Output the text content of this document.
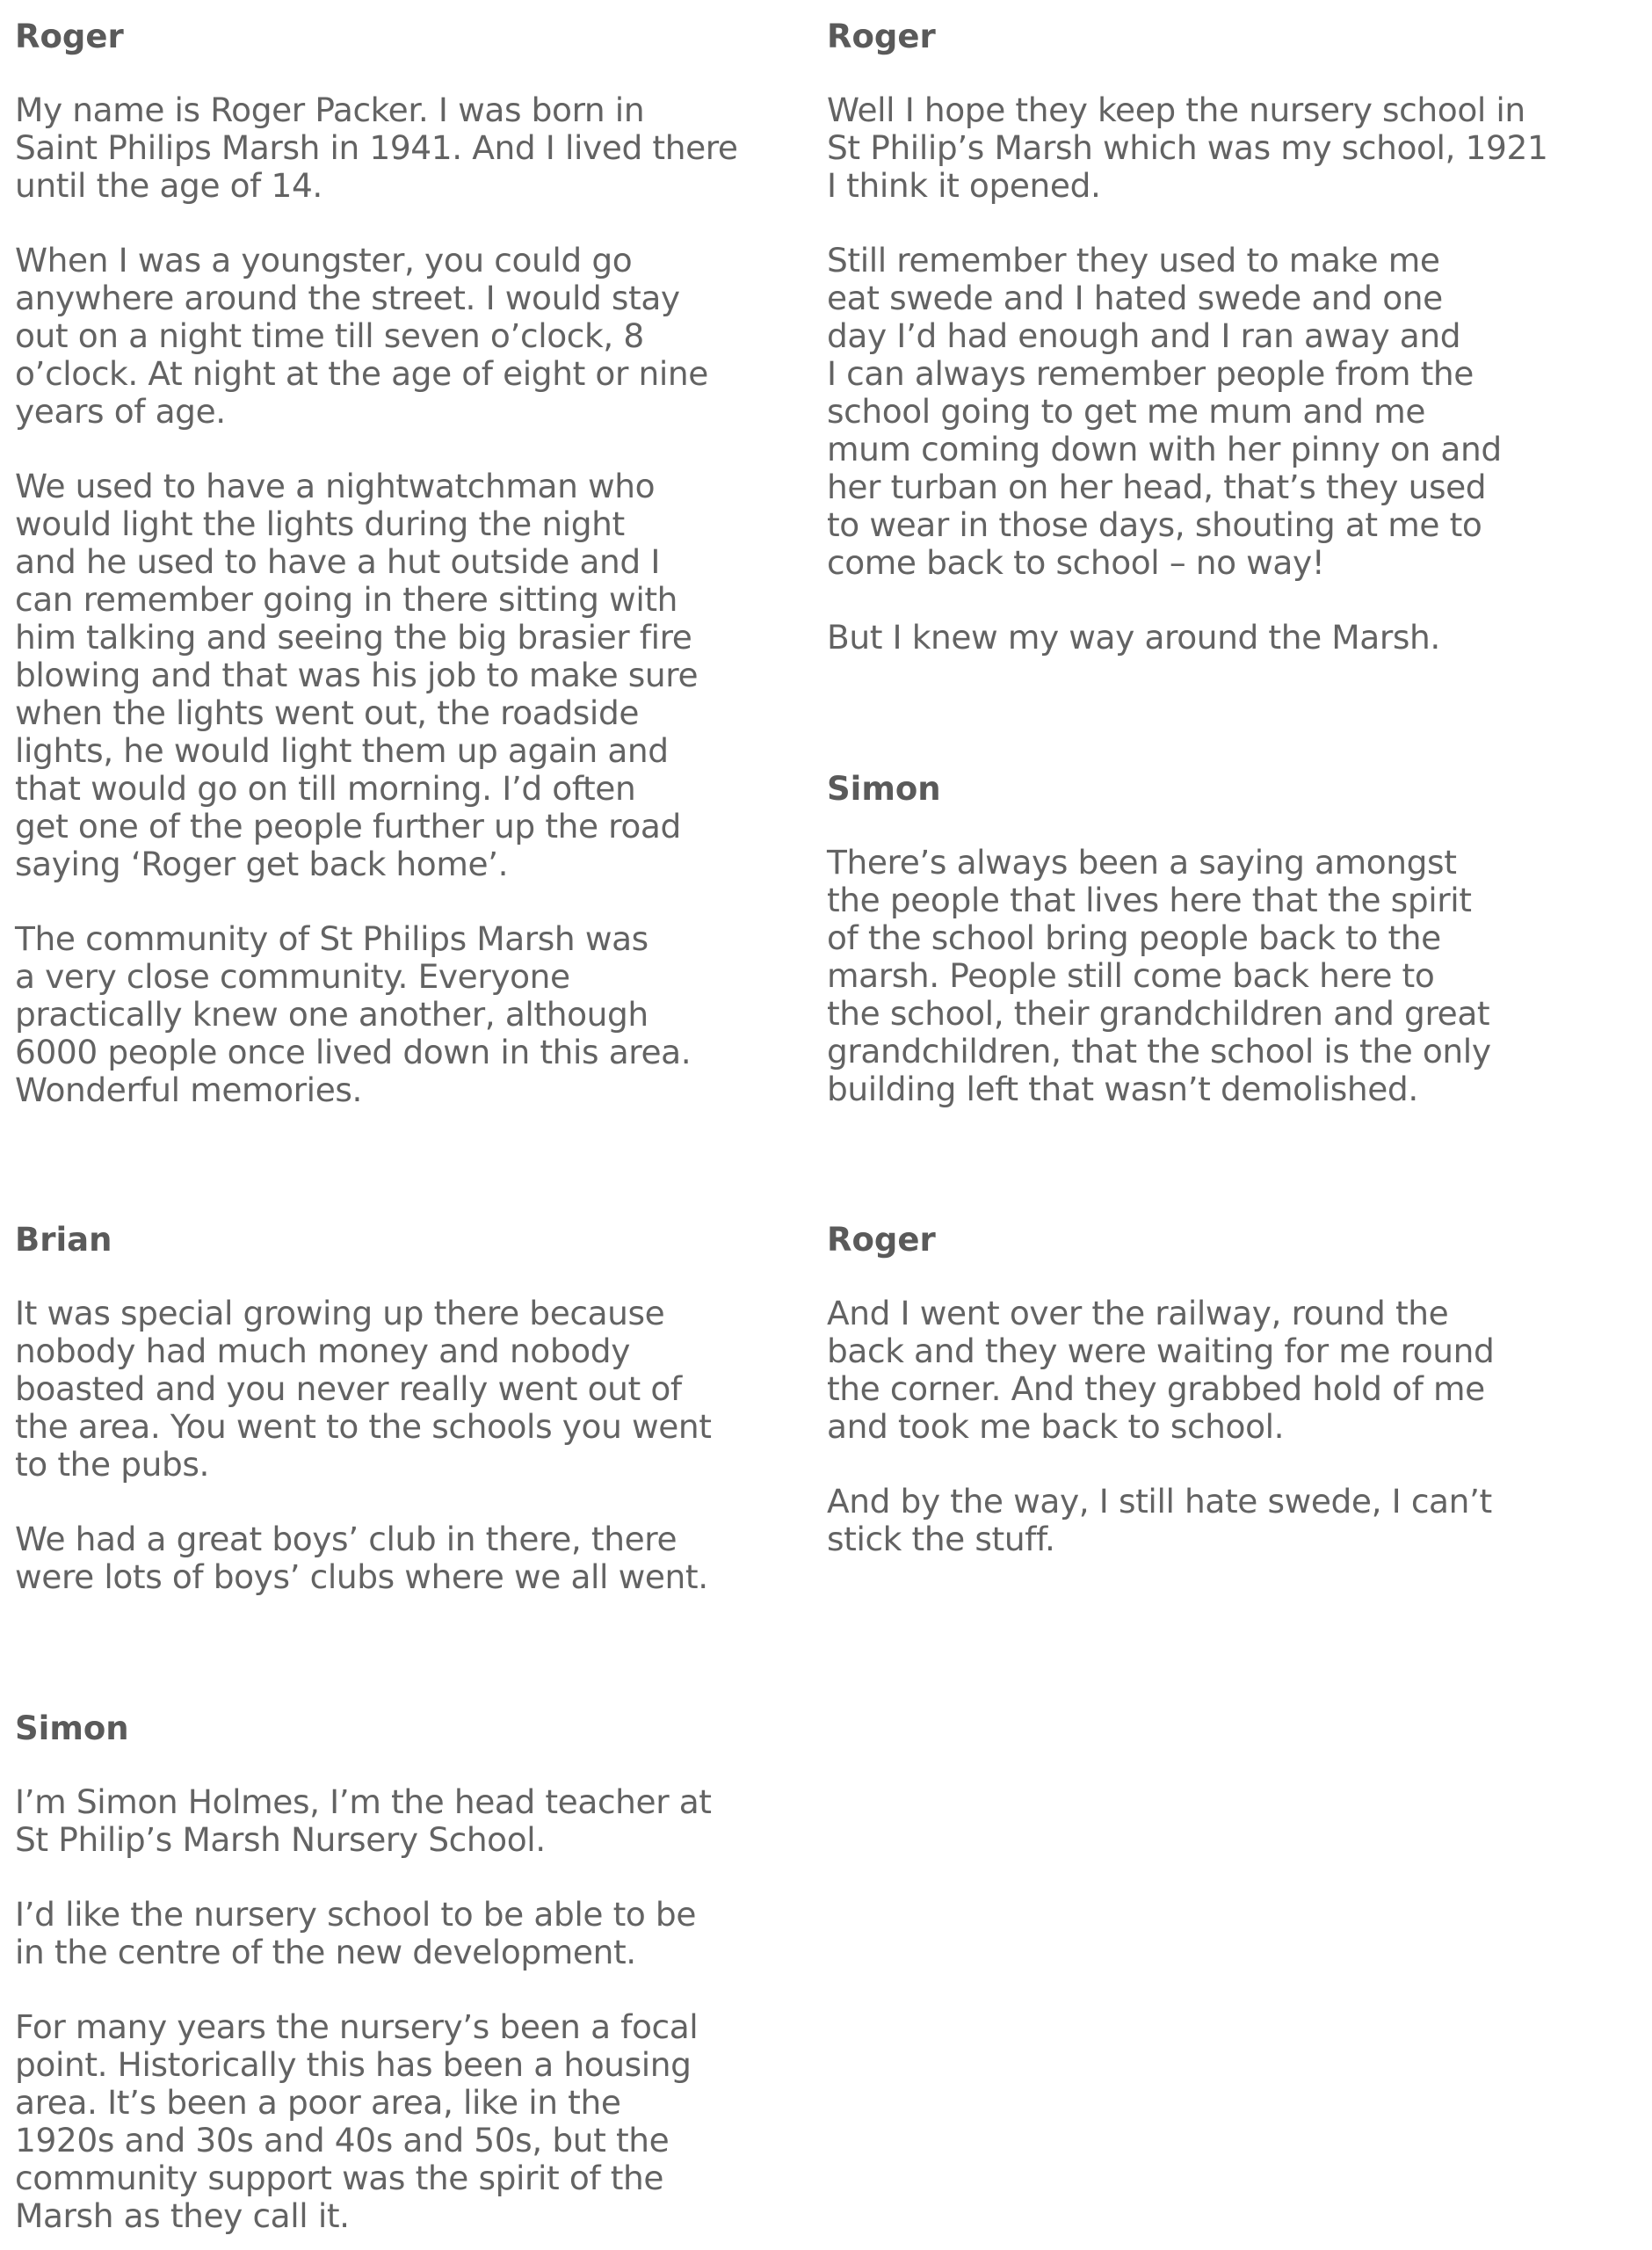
Roger
My name is Roger Packer. I was born in
Saint Philips Marsh in 1941. And I lived there
until the age of 14.
When I was a youngster, you could go
anywhere around the street. I would stay
out on a night time till seven o’clock, 8
o’clock. At night at the age of eight or nine
years of age.
We used to have a nightwatchman who
would light the lights during the night
and he used to have a hut outside and I
can remember going in there sitting with
him talking and seeing the big brasier fire
blowing and that was his job to make sure
when the lights went out, the roadside
lights, he would light them up again and
that would go on till morning. I’d often
get one of the people further up the road
saying ‘Roger get back home’.
The community of St Philips Marsh was
a very close community. Everyone
practically knew one another, although
6000 people once lived down in this area.
Wonderful memories.
Roger
Well I hope they keep the nursery school in
St Philip’s Marsh which was my school, 1921
I think it opened.
Still remember they used to make me
eat swede and I hated swede and one
day I’d had enough and I ran away and
I can always remember people from the
school going to get me mum and me
mum coming down with her pinny on and
her turban on her head, that’s they used
to wear in those days, shouting at me to
come back to school – no way!
But I knew my way around the Marsh.
Simon
There’s always been a saying amongst
the people that lives here that the spirit
of the school bring people back to the
marsh. People still come back here to
the school, their grandchildren and great
grandchildren, that the school is the only
building left that wasn’t demolished.
Brian
It was special growing up there because
nobody had much money and nobody
boasted and you never really went out of
the area. You went to the schools you went
to the pubs.
We had a great boys’ club in there, there
were lots of boys’ clubs where we all went.
Roger
And I went over the railway, round the
back and they were waiting for me round
the corner. And they grabbed hold of me
and took me back to school.
And by the way, I still hate swede, I can’t
stick the stuff.
Simon
I’m Simon Holmes, I’m the head teacher at
St Philip’s Marsh Nursery School.
I’d like the nursery school to be able to be
in the centre of the new development.
For many years the nursery’s been a focal
point. Historically this has been a housing
area. It’s been a poor area, like in the
1920s and 30s and 40s and 50s, but the
community support was the spirit of the
Marsh as they call it.
